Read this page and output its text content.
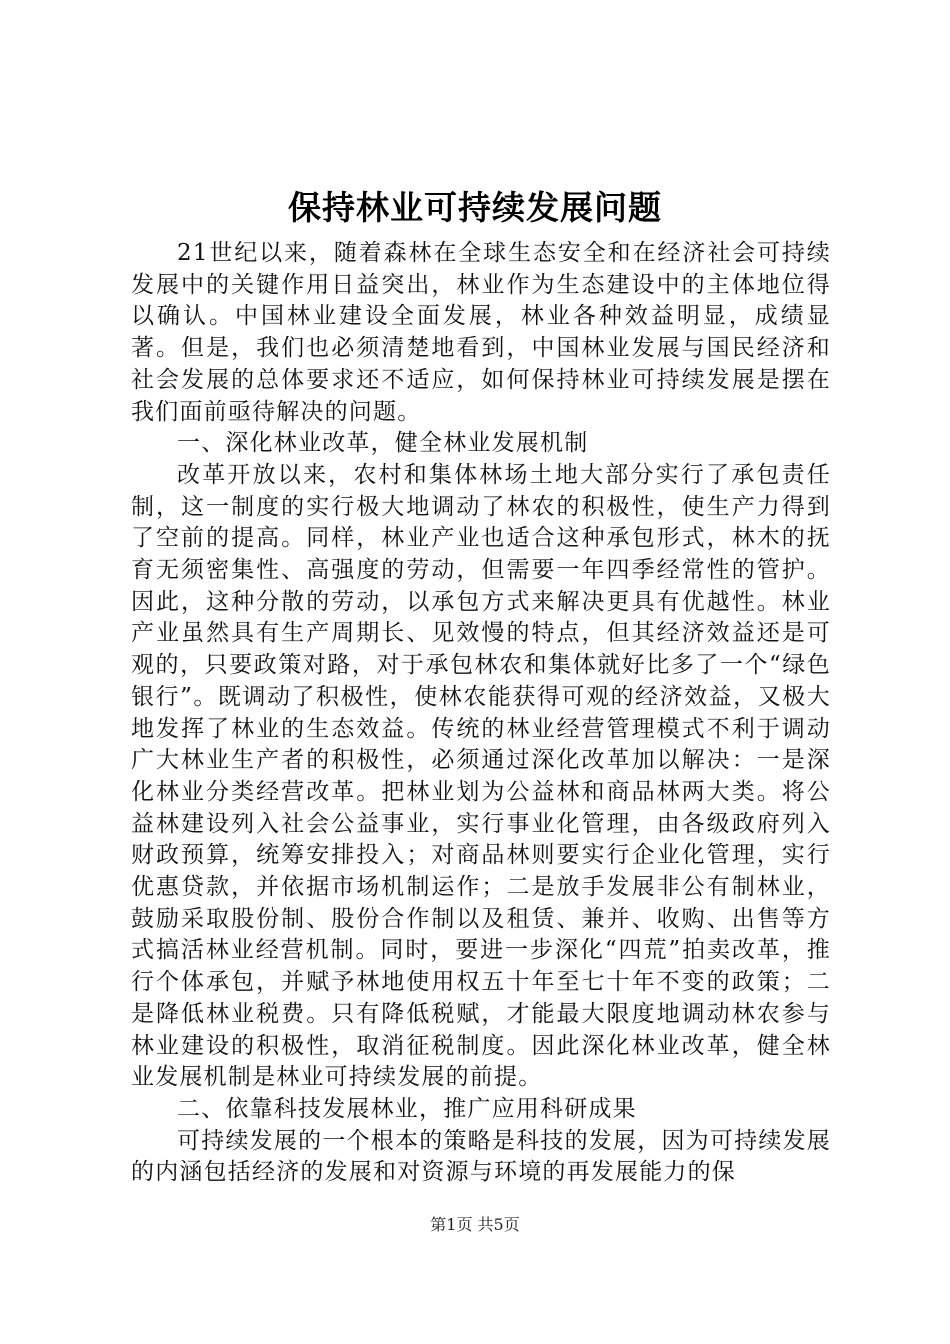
保持林业可持续发展问题

21世纪以来，随着森林在全球生态安全和在经济社会可持续发展中的关键作用日益突出，林业作为生态建设中的主体地位得以确认。中国林业建设全面发展，林业各种效益明显，成绩显著。但是，我们也必须清楚地看到，中国林业发展与国民经济和社会发展的总体要求还不适应，如何保持林业可持续发展是摆在我们面前亟待解决的问题。

一、深化林业改革，健全林业发展机制

改革开放以来，农村和集体林场土地大部分实行了承包责任制，这一制度的实行极大地调动了林农的积极性，使生产力得到了空前的提高。同样，林业产业也适合这种承包形式，林木的抚育无须密集性、高强度的劳动，但需要一年四季经常性的管护。因此，这种分散的劳动，以承包方式来解决更具有优越性。林业产业虽然具有生产周期长、见效慢的特点，但其经济效益还是可观的，只要政策对路，对于承包林农和集体就好比多了一个“绿色银行”。既调动了积极性，使林农能获得可观的经济效益，又极大地发挥了林业的生态效益。传统的林业经营管理模式不利于调动广大林业生产者的积极性，必须通过深化改革加以解决：一是深化林业分类经营改革。把林业划为公益林和商品林两大类。将公益林建设列入社会公益事业，实行事业化管理，由各级政府列入财政预算，统筹安排投入；对商品林则要实行企业化管理，实行优惠贷款，并依据市场机制运作；二是放手发展非公有制林业，鼓励采取股份制、股份合作制以及租赁、兼并、收购、出售等方式搞活林业经营机制。同时，要进一步深化“四荒”拍卖改革，推行个体承包，并赋予林地使用权五十年至七十年不变的政策；二是降低林业税费。只有降低税赋，才能最大限度地调动林农参与林业建设的积极性，取消征税制度。因此深化林业改革，健全林业发展机制是林业可持续发展的前提。

二、依靠科技发展林业，推广应用科研成果

可持续发展的一个根本的策略是科技的发展，因为可持续发展的内涵包括经济的发展和对资源与环境的再发展能力的保

第1页 共5页
